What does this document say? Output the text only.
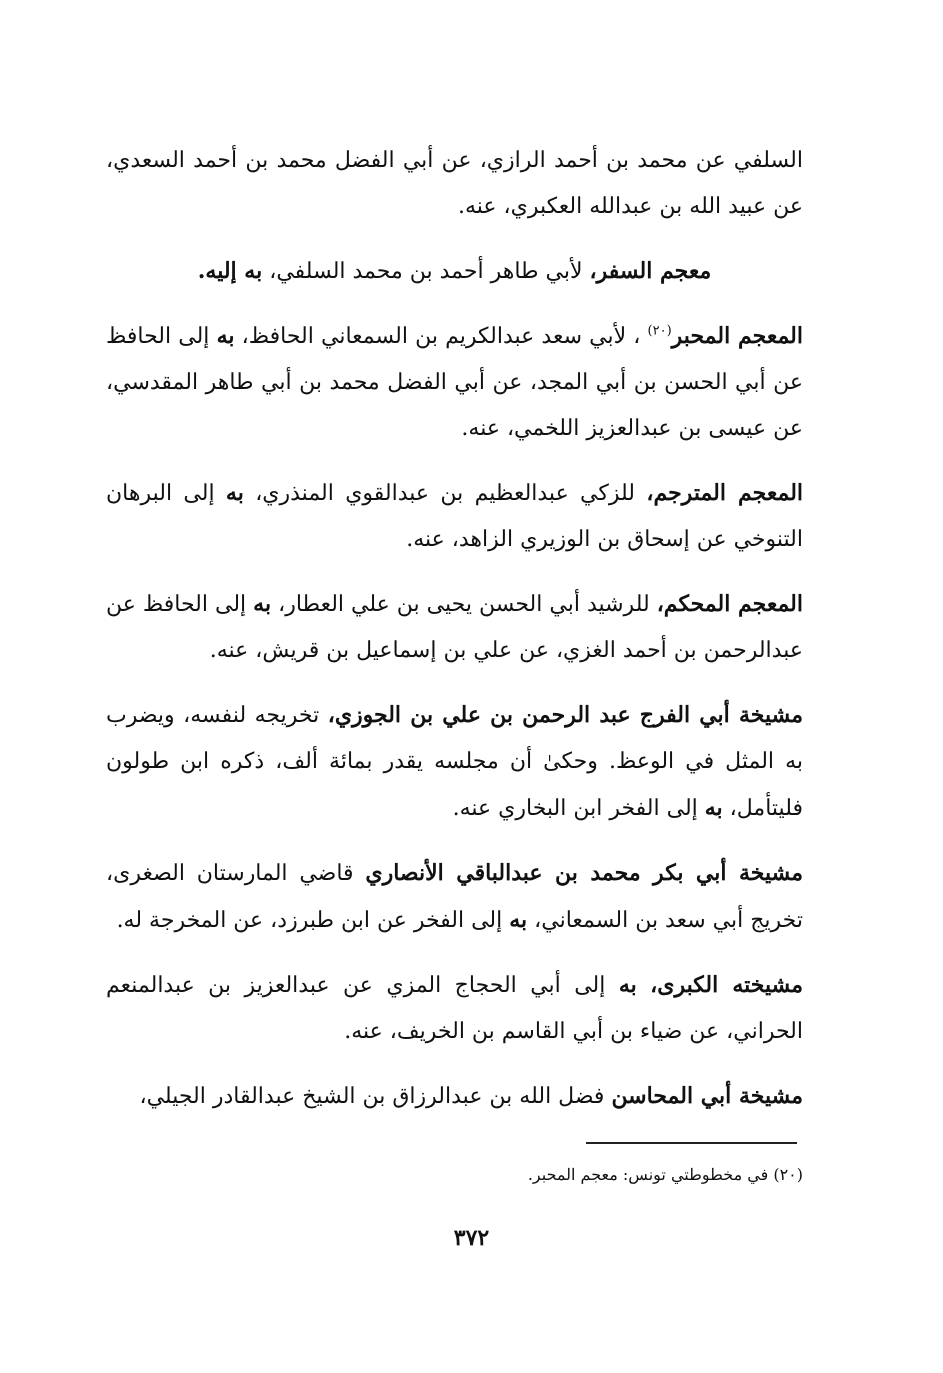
السلفي عن محمد بن أحمد الرازي، عن أبي الفضل محمد بن أحمد السعدي، عن عبيد الله بن عبدالله العكبري، عنه.

معجم السفر، لأبي طاهر أحمد بن محمد السلفي، به إليه.

المعجم المحبر$^{(٢٠)}$ ، لأبي سعد عبدالكريم بن السمعاني الحافظ، به إلى الحافظ عن أبي الحسن بن أبي المجد، عن أبي الفضل محمد بن أبي طاهر المقدسي، عن عيسى بن عبدالعزيز اللخمي، عنه.

المعجم المترجم، للزكي عبدالعظيم بن عبدالقوي المنذري، به إلى البرهان التنوخي عن إسحاق بن الوزيري الزاهد، عنه.

المعجم المحكم، للرشيد أبي الحسن يحيى بن علي العطار، به إلى الحافظ عن عبدالرحمن بن أحمد الغزي، عن علي بن إسماعيل بن قريش، عنه.

مشيخة أبي الفرج عبد الرحمن بن علي بن الجوزي، تخريجه لنفسه، ويضرب به المثل في الوعظ. وحكىٰ أن مجلسه يقدر بمائة ألف، ذكره ابن طولون فليتأمل، به إلى الفخر ابن البخاري عنه.

مشيخة أبي بكر محمد بن عبدالباقي الأنصاري قاضي المارستان الصغرى، تخريج أبي سعد بن السمعاني، به إلى الفخر عن ابن طبرزد، عن المخرجة له.

مشيخته الكبرى، به إلى أبي الحجاج المزي عن عبدالعزيز بن عبدالمنعم الحراني، عن ضياء بن أبي القاسم بن الخريف، عنه.

مشيخة أبي المحاسن فضل الله بن عبدالرزاق بن الشيخ عبدالقادر الجيلي،

(٢٠) في مخطوطتي تونس: معجم المحبر.
٣٧٢
